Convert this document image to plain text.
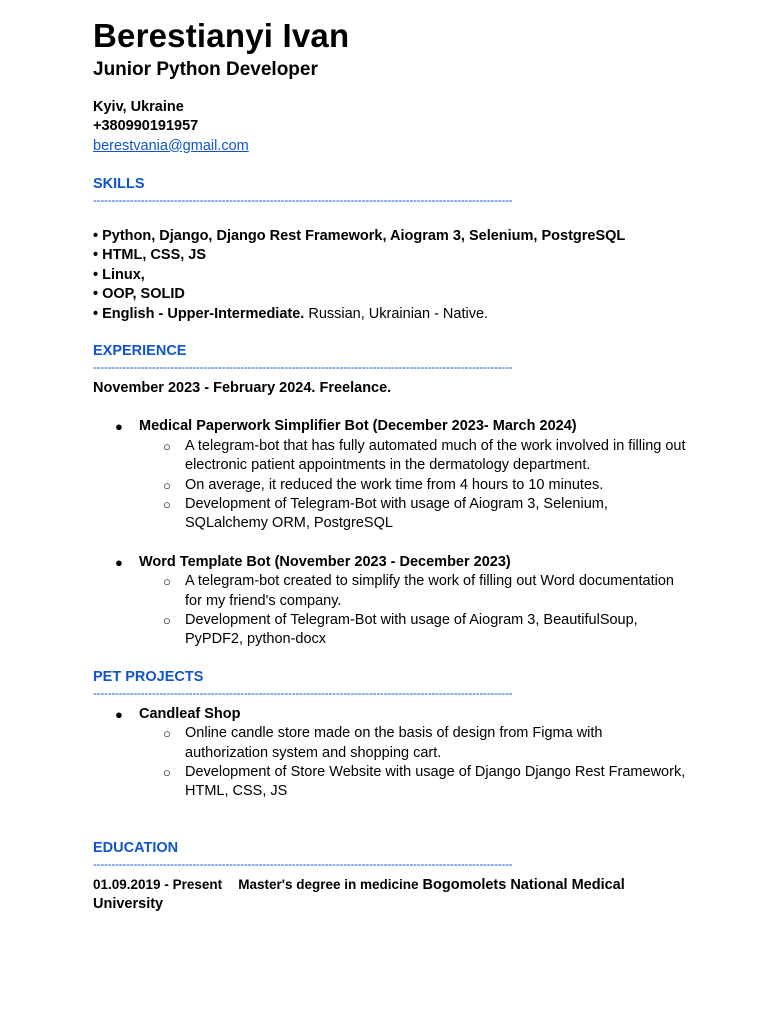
Berestianyi Ivan
Junior Python Developer
Kyiv, Ukraine
+380990191957
berestvania@gmail.com
SKILLS
------------------------------------------------------------------------------------------------------------------
• Python, Django, Django Rest Framework, Aiogram 3, Selenium, PostgreSQL
• HTML, CSS, JS
• Linux,
• OOP, SOLID
• English - Upper-Intermediate. Russian, Ukrainian - Native.
EXPERIENCE
------------------------------------------------------------------------------------------------------------------
November 2023 - February 2024. Freelance.
● Medical Paperwork Simplifier Bot (December 2023- March 2024)
○ A telegram-bot that has fully automated much of the work involved in filling out electronic patient appointments in the dermatology department.
○ On average, it reduced the work time from 4 hours to 10 minutes.
○ Development of Telegram-Bot with usage of Aiogram 3, Selenium, SQLalchemy ORM, PostgreSQL
● Word Template Bot (November 2023 - December 2023)
○ A telegram-bot created to simplify the work of filling out Word documentation for my friend's company.
○ Development of Telegram-Bot with usage of Aiogram 3, BeautifulSoup, PyPDF2, python-docx
PET PROJECTS
------------------------------------------------------------------------------------------------------------------
● Candleaf Shop
○ Online candle store made on the basis of design from Figma with authorization system and shopping cart.
○ Development of Store Website with usage of Django Django Rest Framework, HTML, CSS, JS
EDUCATION
------------------------------------------------------------------------------------------------------------------
01.09.2019 - Present Master's degree in medicine Bogomolets National Medical University
